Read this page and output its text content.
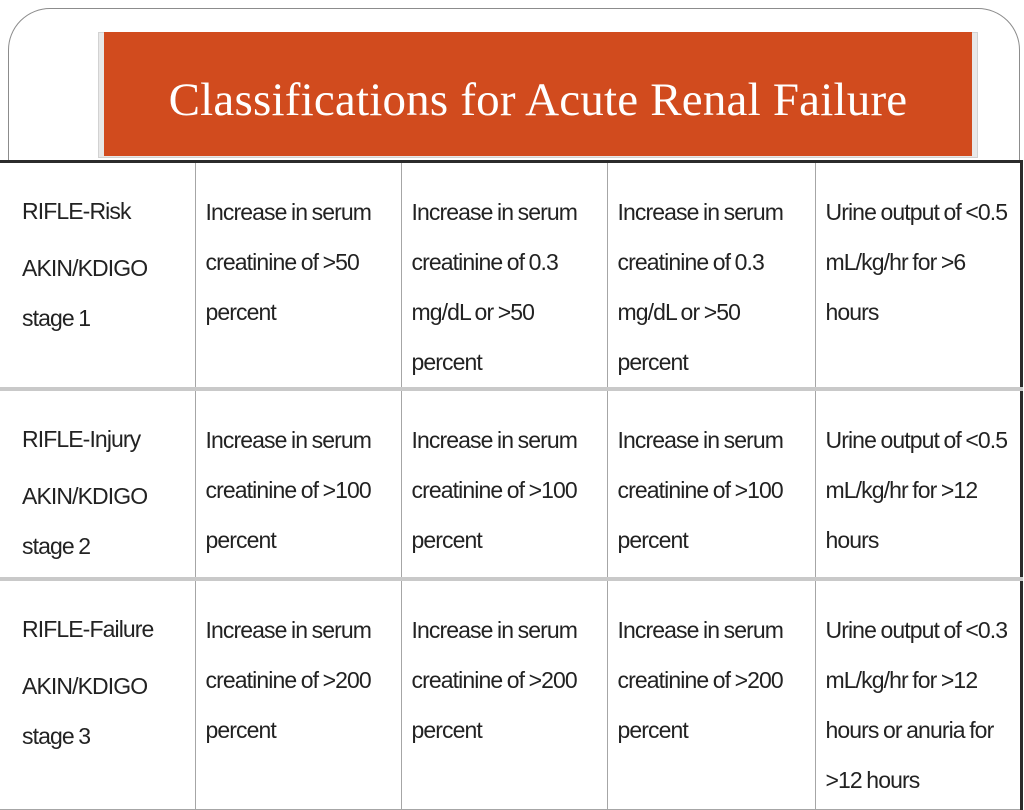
Classifications for Acute Renal Failure
RIFLE-Risk
AKIN/KDIGO stage 1	Increase in serum creatinine of >50 percent	Increase in serum creatinine of 0.3 mg/dL or >50 percent	Increase in serum creatinine of 0.3 mg/dL or >50 percent	Urine output of <0.5 mL/kg/hr for >6 hours

RIFLE-Injury
AKIN/KDIGO stage 2	Increase in serum creatinine of >100 percent	Increase in serum creatinine of >100 percent	Increase in serum creatinine of >100 percent	Urine output of <0.5 mL/kg/hr for >12 hours

RIFLE-Failure
AKIN/KDIGO stage 3	Increase in serum creatinine of >200 percent	Increase in serum creatinine of >200 percent	Increase in serum creatinine of >200 percent	Urine output of <0.3 mL/kg/hr for >12 hours or anuria for >12 hours
